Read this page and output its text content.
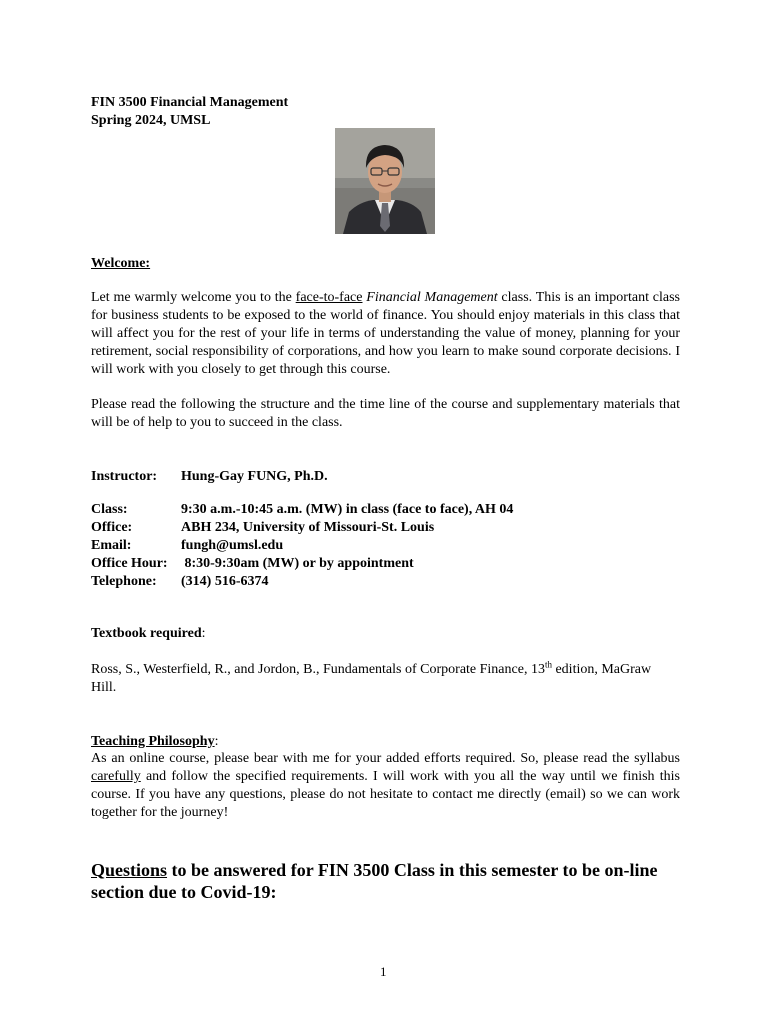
FIN 3500 Financial Management
Spring 2024, UMSL
Welcome:
Let me warmly welcome you to the face-to-face Financial Management class. This is an important class for business students to be exposed to the world of finance. You should enjoy materials in this class that will affect you for the rest of your life in terms of understanding the value of money, planning for your retirement, social responsibility of corporations, and how you learn to make sound corporate decisions. I will work with you closely to get through this course.
Please read the following the structure and the time line of the course and supplementary materials that will be of help to you to succeed in the class.
Instructor:	Hung-Gay FUNG, Ph.D.
Class:	9:30 a.m.-10:45 a.m. (MW) in class (face to face), AH 04
Office:	ABH 234, University of Missouri-St. Louis
Email:	fungh@umsl.edu
Office Hour: 8:30-9:30am (MW) or by appointment
Telephone:	(314) 516-6374
Textbook required:
Ross, S., Westerfield, R., and Jordon, B., Fundamentals of Corporate Finance, 13th edition, MaGraw Hill.
Teaching Philosophy:
As an online course, please bear with me for your added efforts required. So, please read the syllabus carefully and follow the specified requirements. I will work with you all the way until we finish this course. If you have any questions, please do not hesitate to contact me directly (email) so we can work together for the journey!
Questions to be answered for FIN 3500 Class in this semester to be on-line section due to Covid-19:
1
